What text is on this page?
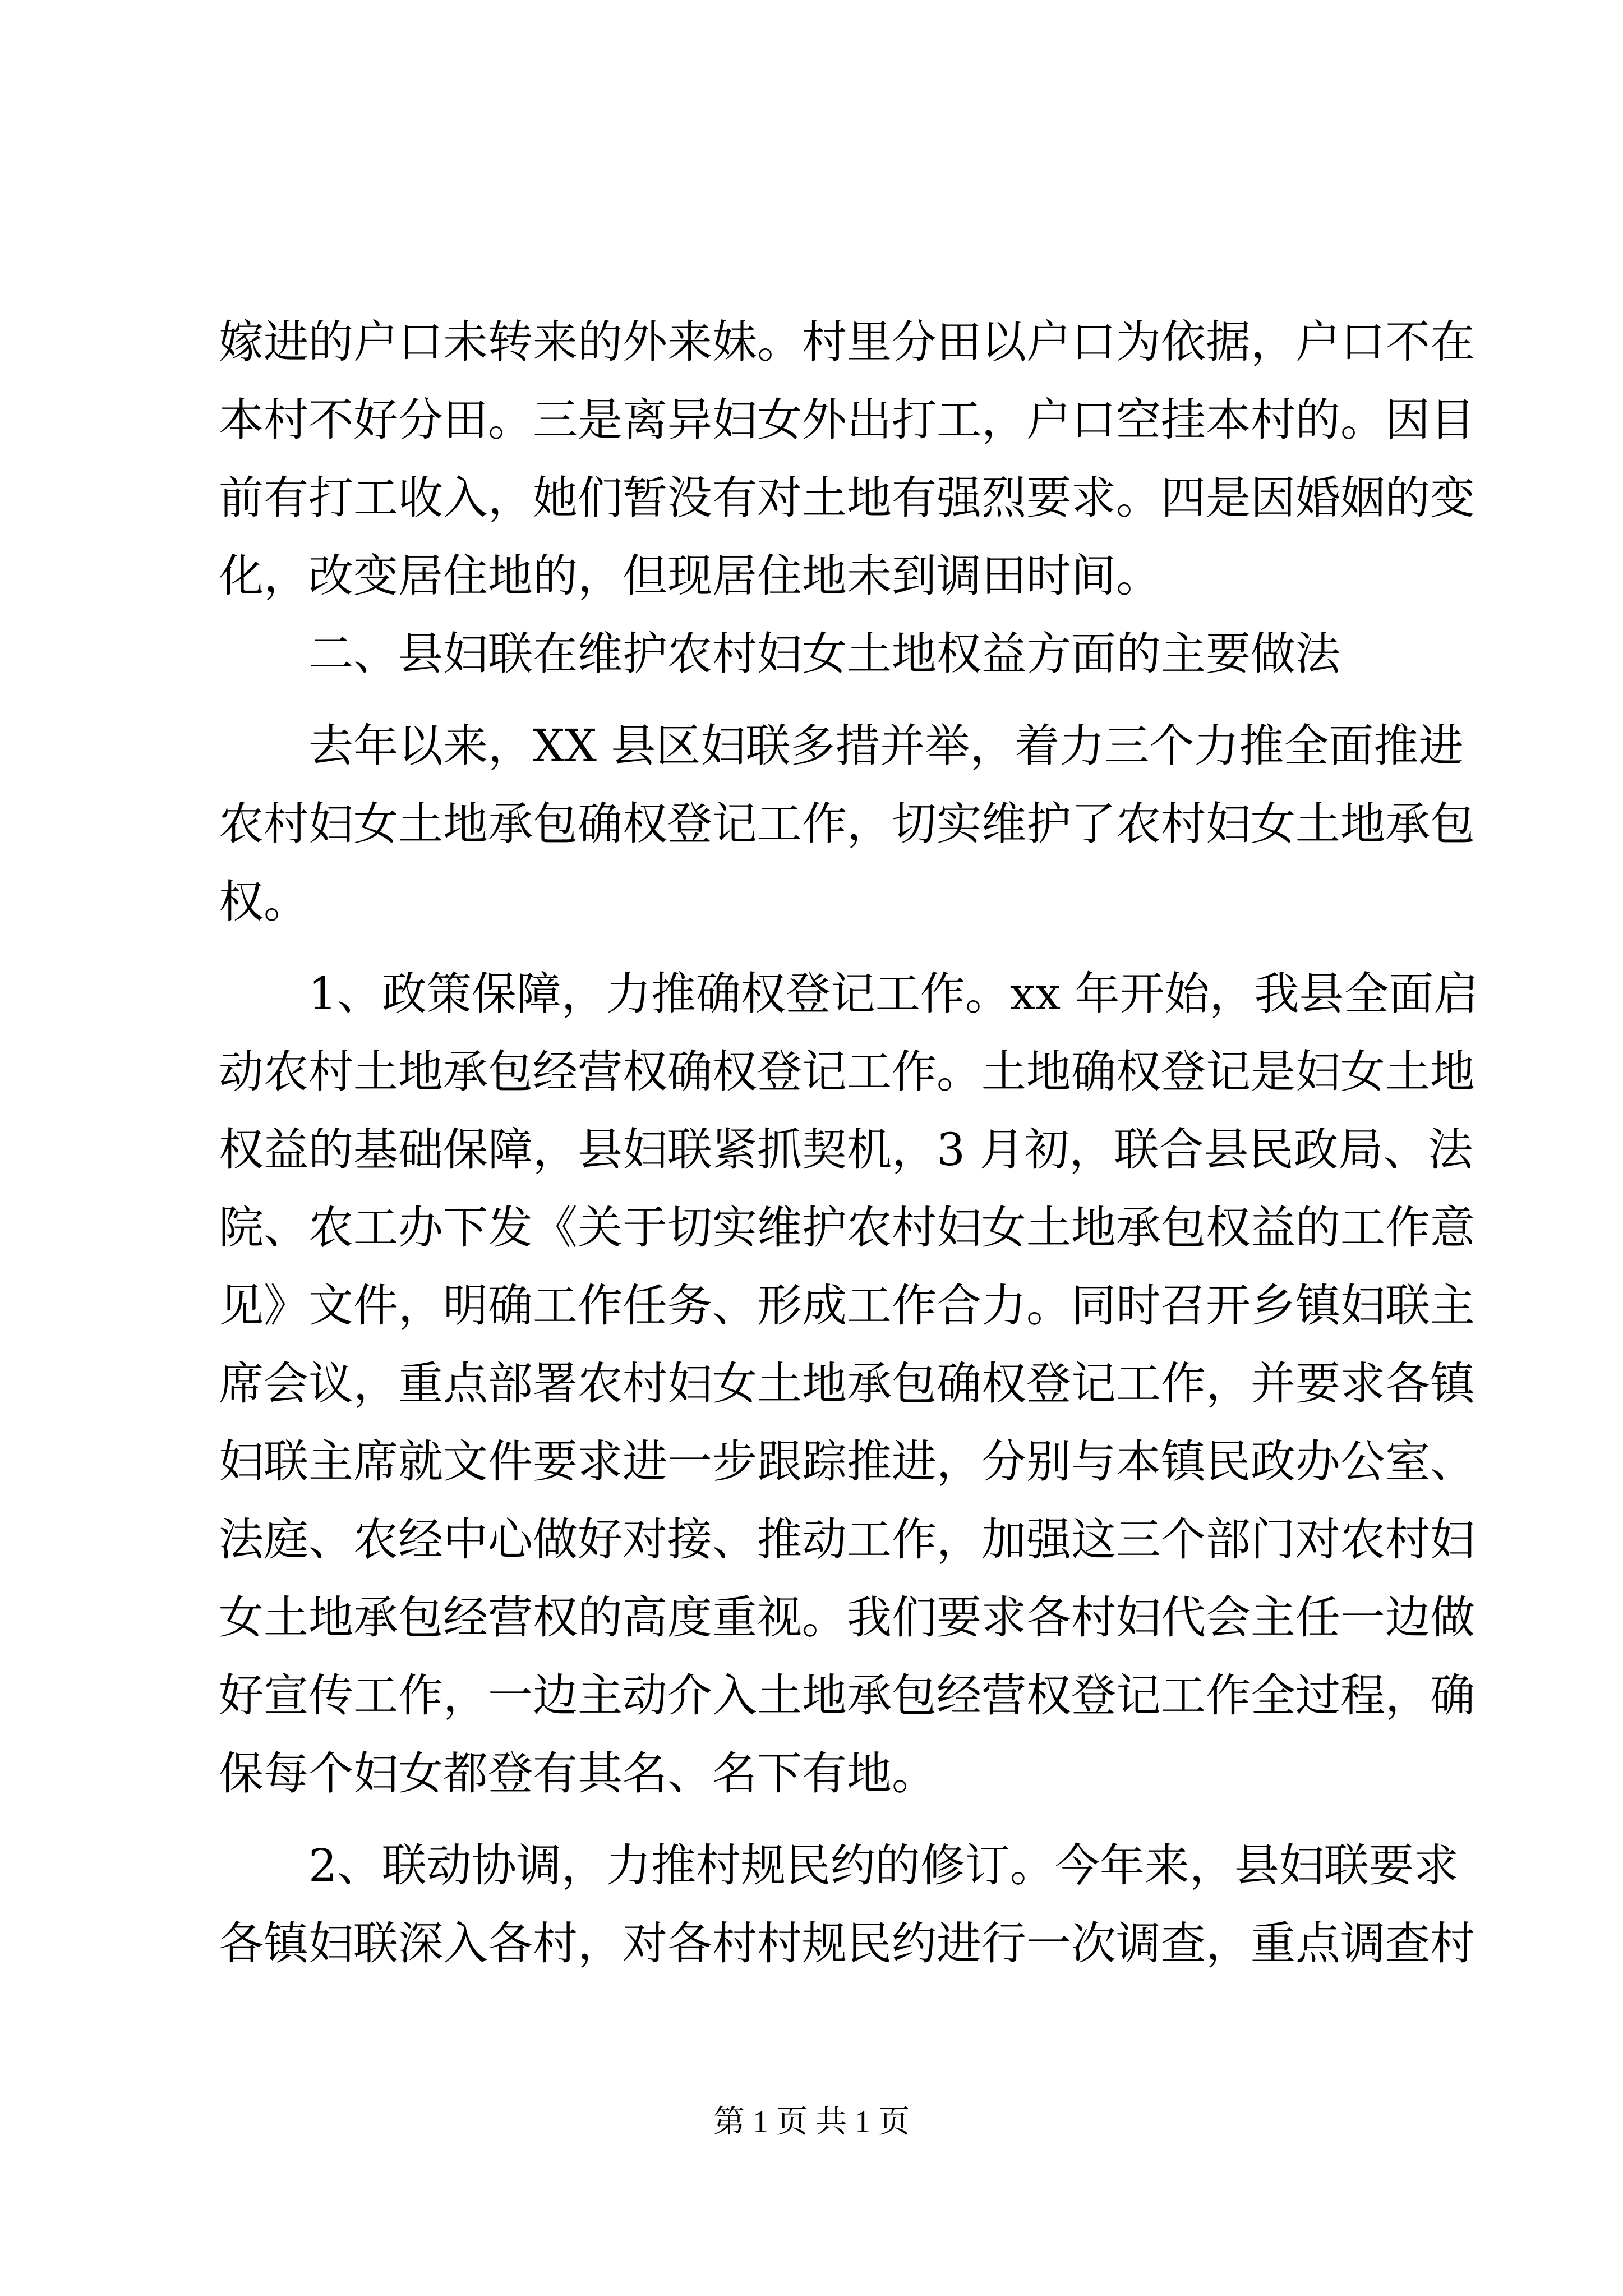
嫁进的户口未转来的外来妹。村里分田以户口为依据，户口不在
本村不好分田。三是离异妇女外出打工，户口空挂本村的。因目
前有打工收入，她们暂没有对土地有强烈要求。四是因婚姻的变
化，改变居住地的，但现居住地未到调田时间。
二、县妇联在维护农村妇女土地权益方面的主要做法
去年以来，XX 县区妇联多措并举，着力三个力推全面推进
农村妇女土地承包确权登记工作，切实维护了农村妇女土地承包
权。
1、政策保障，力推确权登记工作。xx 年开始，我县全面启
动农村土地承包经营权确权登记工作。土地确权登记是妇女土地
权益的基础保障，县妇联紧抓契机，3 月初，联合县民政局、法
院、农工办下发《关于切实维护农村妇女土地承包权益的工作意
见》文件，明确工作任务、形成工作合力。同时召开乡镇妇联主
席会议，重点部署农村妇女土地承包确权登记工作，并要求各镇
妇联主席就文件要求进一步跟踪推进，分别与本镇民政办公室、
法庭、农经中心做好对接、推动工作，加强这三个部门对农村妇
女土地承包经营权的高度重视。我们要求各村妇代会主任一边做
好宣传工作，一边主动介入土地承包经营权登记工作全过程，确
保每个妇女都登有其名、名下有地。
2、联动协调，力推村规民约的修订。今年来，县妇联要求
各镇妇联深入各村，对各村村规民约进行一次调查，重点调查村
第 1 页 共 1 页
